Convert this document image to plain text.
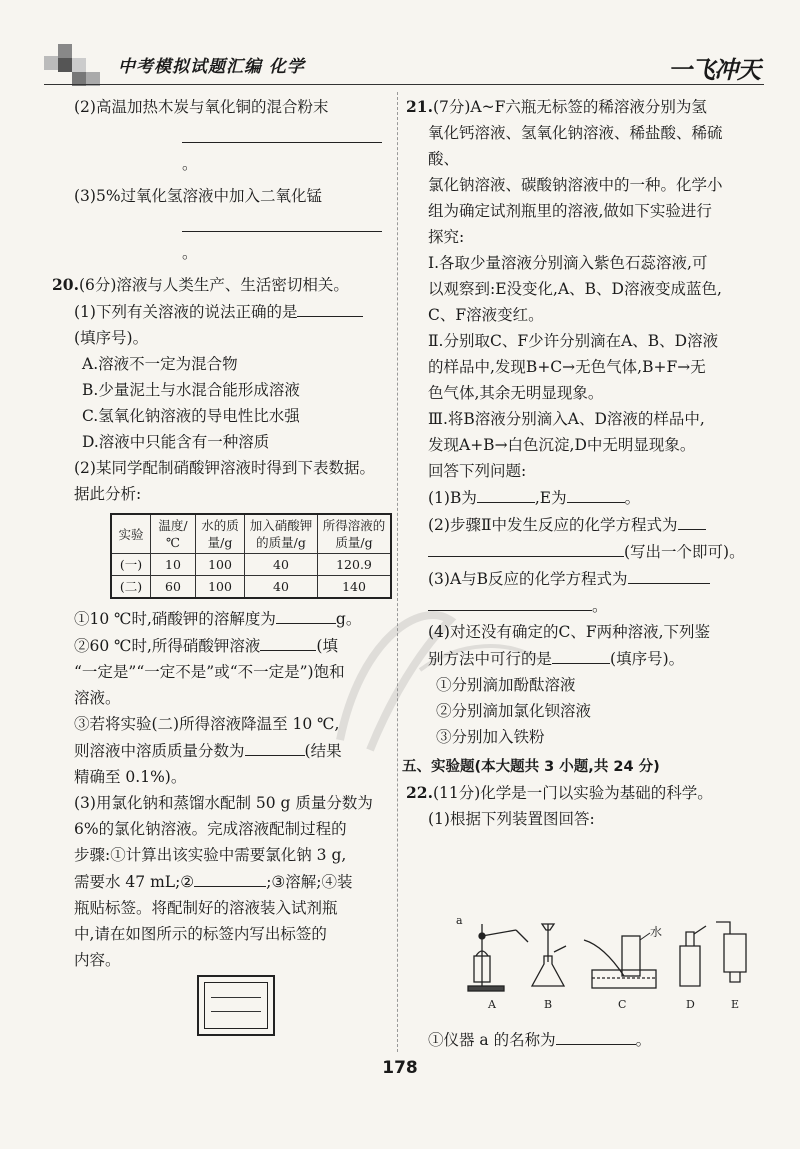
中考模拟试题汇编 化学	一飞冲天

(2)高温加热木炭与氧化铜的混合粉末

。

(3)5%过氧化氢溶液中加入二氧化锰

。

20.(6分)溶液与人类生产、生活密切相关。

(1)下列有关溶液的说法正确的是

(填序号)。

A.溶液不一定为混合物

B.少量泥土与水混合能形成溶液

C.氢氧化钠溶液的导电性比水强

D.溶液中只能含有一种溶质

(2)某同学配制硝酸钾溶液时得到下表数据。

据此分析:

实验	温度/℃	水的质量/g	加入硝酸钾的质量/g	所得溶液的质量/g
(一)	10	100	40	120.9
(二)	60	100	40	140

①10 ℃时,硝酸钾的溶解度为	g。

②60 ℃时,所得硝酸钾溶液	(填

“一定是”“一定不是”或“不一定是”)饱和

溶液。

③若将实验(二)所得溶液降温至 10 ℃,

则溶液中溶质质量分数为	(结果

精确至 0.1%)。

(3)用氯化钠和蒸馏水配制 50 g 质量分数为

6%的氯化钠溶液。完成溶液配制过程的

步骤:①计算出该实验中需要氯化钠 3 g,

需要水 47 mL;②	;③溶解;④装

瓶贴标签。将配制好的溶液装入试剂瓶

中,请在如图所示的标签内写出标签的

内容。

21.(7分)A~F六瓶无标签的稀溶液分别为氢

氧化钙溶液、氢氧化钠溶液、稀盐酸、稀硫酸、

氯化钠溶液、碳酸钠溶液中的一种。化学小

组为确定试剂瓶里的溶液,做如下实验进行

探究:

Ⅰ.各取少量溶液分别滴入紫色石蕊溶液,可

以观察到:E没变化,A、B、D溶液变成蓝色,

C、F溶液变红。

Ⅱ.分别取C、F少许分别滴在A、B、D溶液

的样品中,发现B+C→无色气体,B+F→无

色气体,其余无明显现象。

Ⅲ.将B溶液分别滴入A、D溶液的样品中,

发现A+B→白色沉淀,D中无明显现象。

回答下列问题:

(1)B为	,E为	。

(2)步骤Ⅱ中发生反应的化学方程式为

(写出一个即可)。

(3)A与B反应的化学方程式为

。

(4)对还没有确定的C、F两种溶液,下列鉴

别方法中可行的是	(填序号)。

①分别滴加酚酞溶液

②分别滴加氯化钡溶液

③分别加入铁粉

五、实验题(本大题共 3 小题,共 24 分)

22.(11分)化学是一门以实验为基础的科学。

(1)根据下列装置图回答:

水
a
A	B	C	D	E

①仪器 a 的名称为	。

178
